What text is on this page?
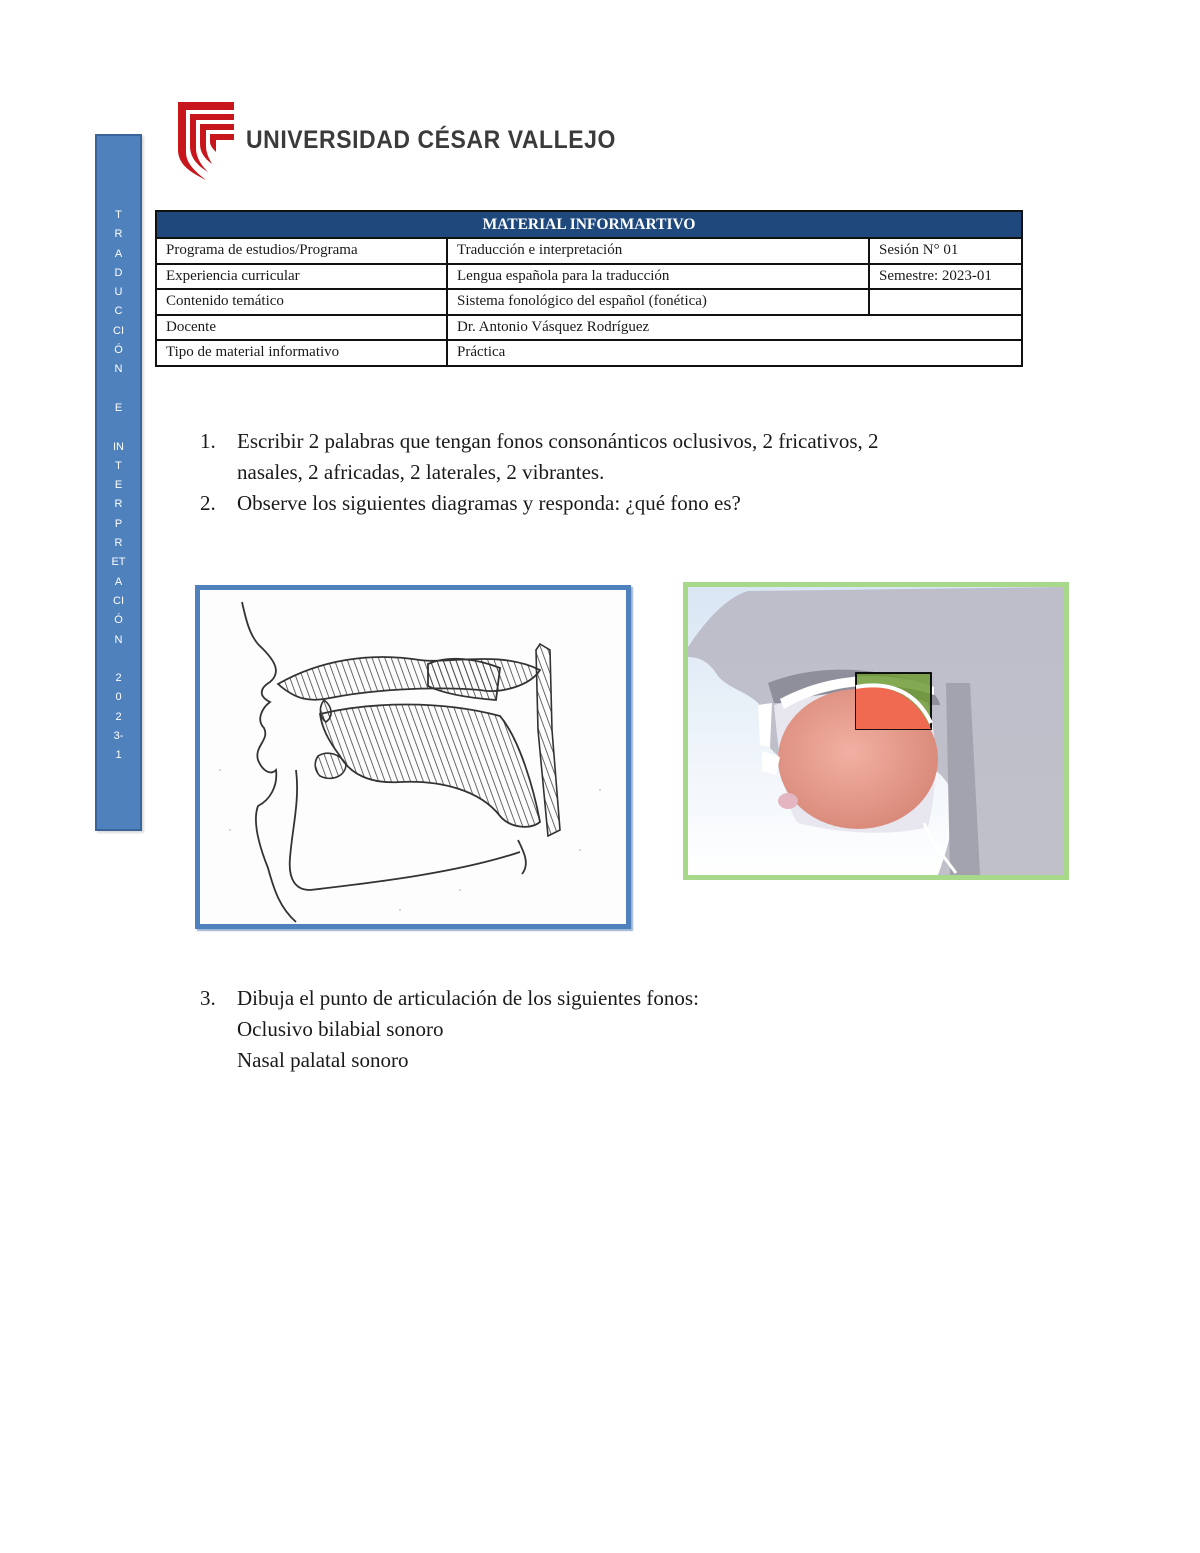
T
R
A
D
U
C
CI
Ó
N
E
IN
T
E
R
P
R
ET
A
CI
Ó
N
2
0
2
3-
1
UNIVERSIDAD CÉSAR VALLEJO
MATERIAL INFORMARTIVO		
Programa de estudios/Programa	Traducción e interpretación	Sesión N° 01
Experiencia curricular	Lengua española para la traducción	Semestre: 2023-01
Contenido temático	Sistema fonológico del español (fonética)	
Docente	Dr. Antonio Vásquez Rodríguez	
Tipo de material informativo	Práctica	
1. Escribir 2 palabras que tengan fonos consonánticos oclusivos, 2 fricativos, 2
nasales, 2 africadas, 2 laterales, 2 vibrantes.
2. Observe los siguientes diagramas y responda: ¿qué fono es?
3. Dibuja el punto de articulación de los siguientes fonos:
Oclusivo bilabial sonoro
Nasal palatal sonoro
